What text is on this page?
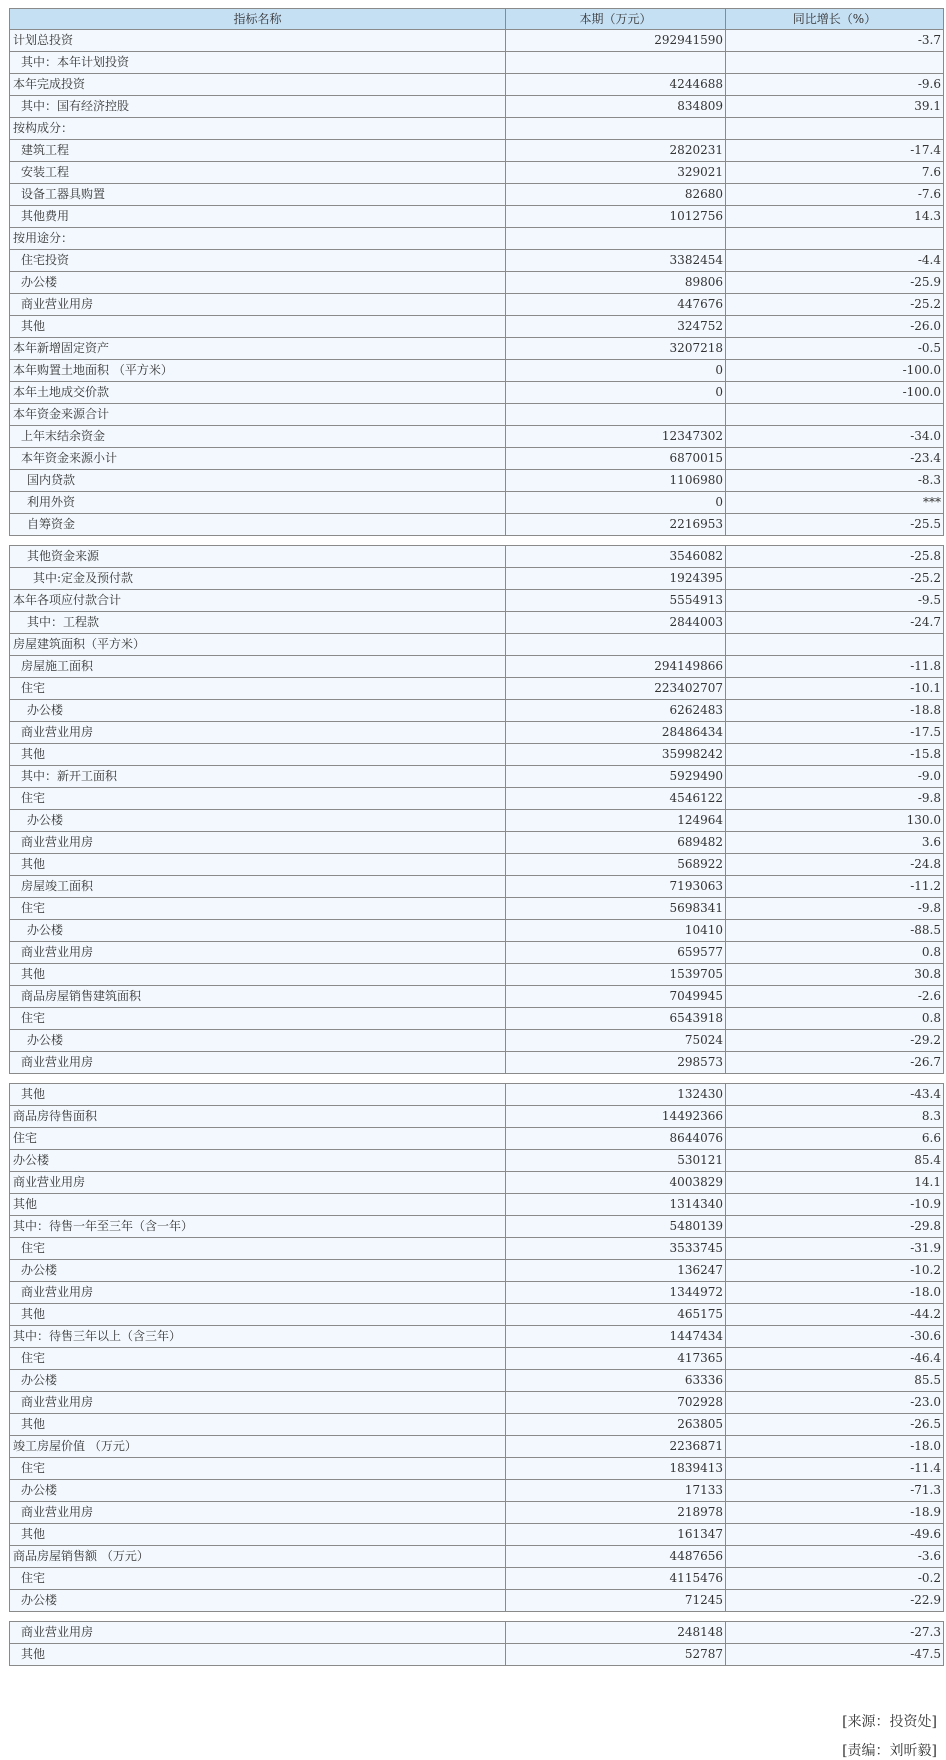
指标名称	本期（万元）	同比增长（%）
计划总投资	292941590	-3.7
其中：本年计划投资		
本年完成投资	4244688	-9.6
其中：国有经济控股	834809	39.1
按构成分：		
建筑工程	2820231	-17.4
安装工程	329021	7.6
设备工器具购置	82680	-7.6
其他费用	1012756	14.3
按用途分：		
住宅投资	3382454	-4.4
办公楼	89806	-25.9
商业营业用房	447676	-25.2
其他	324752	-26.0
本年新增固定资产	3207218	-0.5
本年购置土地面积 （平方米）	0	-100.0
本年土地成交价款	0	-100.0
本年资金来源合计		
上年末结余资金	12347302	-34.0
本年资金来源小计	6870015	-23.4
国内贷款	1106980	-8.3
利用外资	0	***
自筹资金	2216953	-25.5

其他资金来源	3546082	-25.8
其中:定金及预付款	1924395	-25.2
本年各项应付款合计	5554913	-9.5
其中：工程款	2844003	-24.7
房屋建筑面积（平方米）		
房屋施工面积	294149866	-11.8
住宅	223402707	-10.1
办公楼	6262483	-18.8
商业营业用房	28486434	-17.5
其他	35998242	-15.8
其中：新开工面积	5929490	-9.0
住宅	4546122	-9.8
办公楼	124964	130.0
商业营业用房	689482	3.6
其他	568922	-24.8
房屋竣工面积	7193063	-11.2
住宅	5698341	-9.8
办公楼	10410	-88.5
商业营业用房	659577	0.8
其他	1539705	30.8
商品房屋销售建筑面积	7049945	-2.6
住宅	6543918	0.8
办公楼	75024	-29.2
商业营业用房	298573	-26.7

其他	132430	-43.4
商品房待售面积	14492366	8.3
住宅	8644076	6.6
办公楼	530121	85.4
商业营业用房	4003829	14.1
其他	1314340	-10.9
其中：待售一年至三年（含一年）	5480139	-29.8
住宅	3533745	-31.9
办公楼	136247	-10.2
商业营业用房	1344972	-18.0
其他	465175	-44.2
其中：待售三年以上（含三年）	1447434	-30.6
住宅	417365	-46.4
办公楼	63336	85.5
商业营业用房	702928	-23.0
其他	263805	-26.5
竣工房屋价值 （万元）	2236871	-18.0
住宅	1839413	-11.4
办公楼	17133	-71.3
商业营业用房	218978	-18.9
其他	161347	-49.6
商品房屋销售额 （万元）	4487656	-3.6
住宅	4115476	-0.2
办公楼	71245	-22.9

商业营业用房	248148	-27.3
其他	52787	-47.5
[来源：投资处]
[责编：刘昕毅]
